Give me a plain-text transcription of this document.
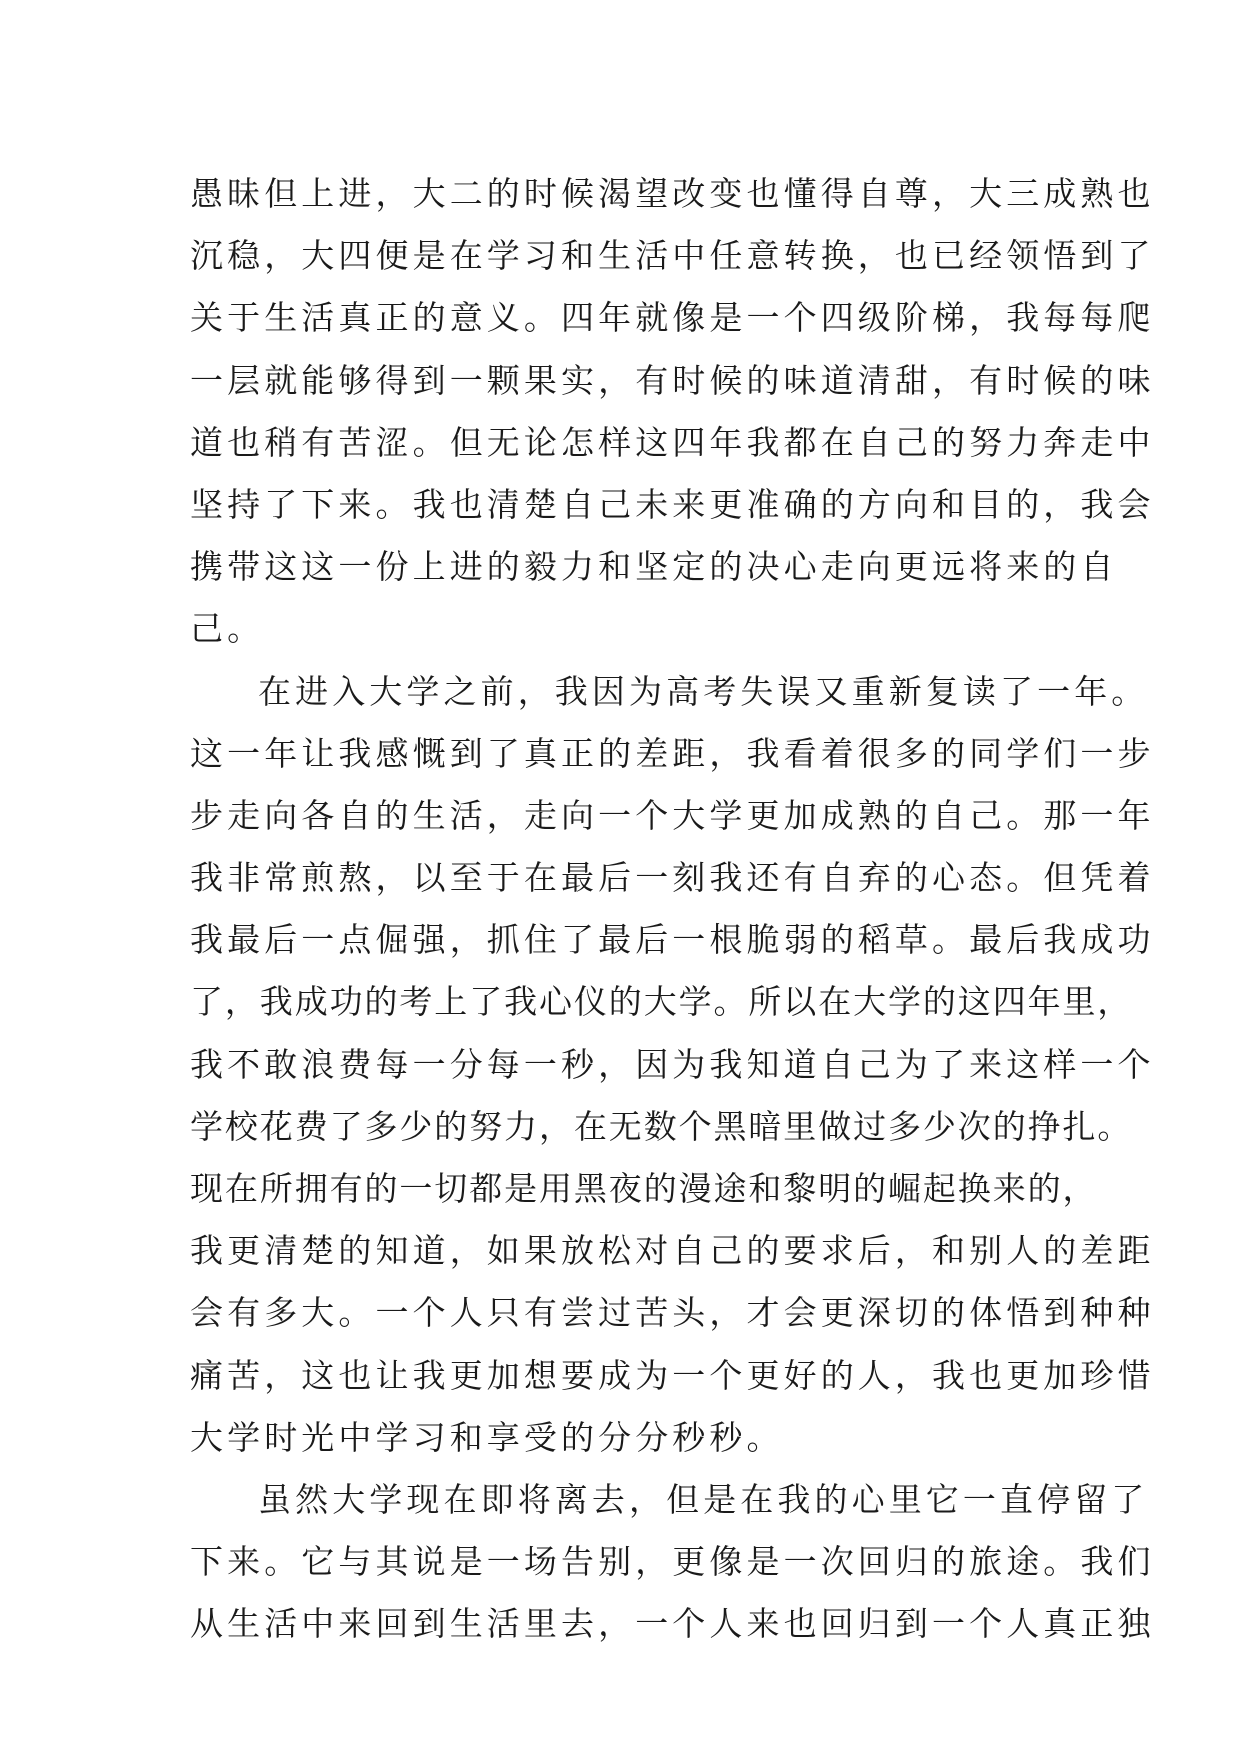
愚昧但上进，大二的时候渴望改变也懂得自尊，大三成熟也
沉稳，大四便是在学习和生活中任意转换，也已经领悟到了
关于生活真正的意义。四年就像是一个四级阶梯，我每每爬
一层就能够得到一颗果实，有时候的味道清甜，有时候的味
道也稍有苦涩。但无论怎样这四年我都在自己的努力奔走中
坚持了下来。我也清楚自己未来更准确的方向和目的，我会
携带这这一份上进的毅力和坚定的决心走向更远将来的自
己。
在进入大学之前，我因为高考失误又重新复读了一年。
这一年让我感慨到了真正的差距，我看着很多的同学们一步
步走向各自的生活，走向一个大学更加成熟的自己。那一年
我非常煎熬，以至于在最后一刻我还有自弃的心态。但凭着
我最后一点倔强，抓住了最后一根脆弱的稻草。最后我成功
了，我成功的考上了我心仪的大学。所以在大学的这四年里，
我不敢浪费每一分每一秒，因为我知道自己为了来这样一个
学校花费了多少的努力，在无数个黑暗里做过多少次的挣扎。
现在所拥有的一切都是用黑夜的漫途和黎明的崛起换来的，
我更清楚的知道，如果放松对自己的要求后，和别人的差距
会有多大。一个人只有尝过苦头，才会更深切的体悟到种种
痛苦，这也让我更加想要成为一个更好的人，我也更加珍惜
大学时光中学习和享受的分分秒秒。
虽然大学现在即将离去，但是在我的心里它一直停留了
下来。它与其说是一场告别，更像是一次回归的旅途。我们
从生活中来回到生活里去，一个人来也回归到一个人真正独
